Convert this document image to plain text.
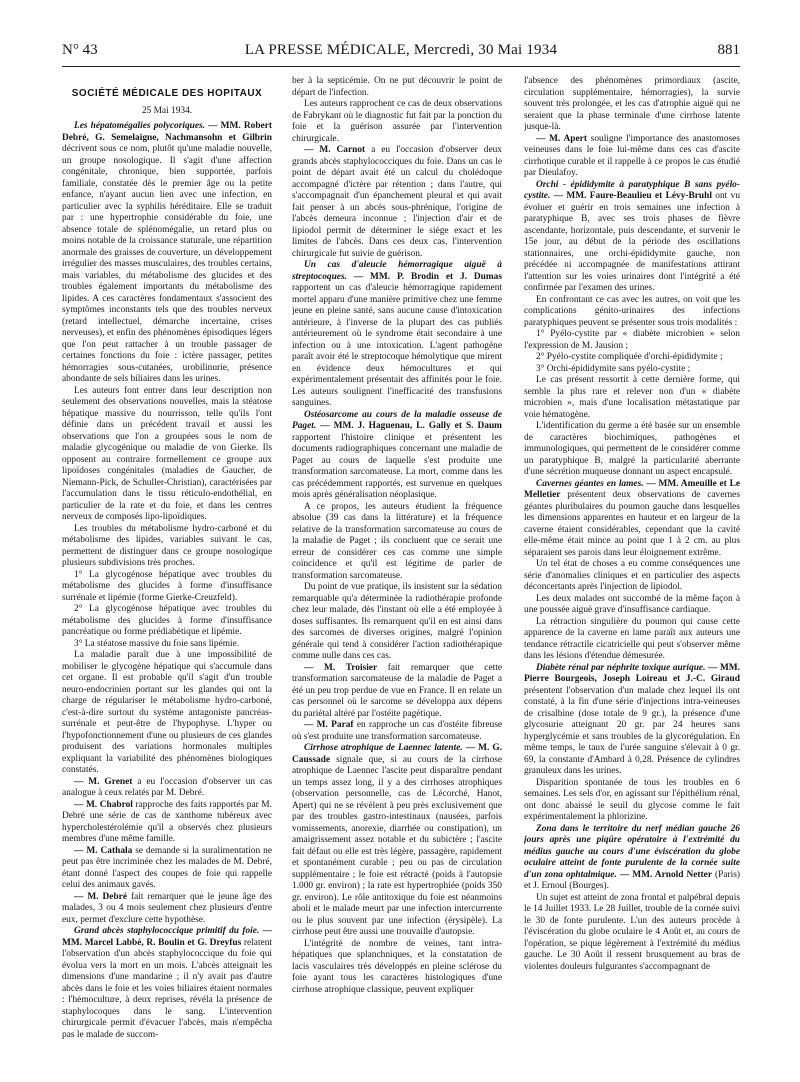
N° 43	LA PRESSE MÉDICALE, Mercredi, 30 Mai 1934	881
SOCIÉTÉ MÉDICALE DES HOPITAUX
25 Mai 1934.

Les hépatomégalies polycoriques. — MM. Robert Debré, G. Semelaigne, Nachmansohn et Gilbrin décrivent sous ce nom, plutôt qu'une maladie nouvelle, un groupe nosologique. Il s'agit d'une affection congénitale, chronique, bien supportée, parfois familiale, constatée dès le premier âge ou la petite enfance, n'ayant aucun lien avec une infection, en particulier avec la syphilis héréditaire. Elle se traduit par : une hypertrophie considérable du foie, une absence totale de splénomégalie, un retard plus ou moins notable de la croissance staturale, une répartition anormale des graisses de couverture, un développement irrégulier des masses musculaires, des troubles certains, mais variables, du métabolisme des glucides et des troubles également importants du métabolisme des lipides. A ces caractères fondamentaux s'associent des symptômes inconstants tels que des troubles nerveux (retard intellectuel, démarche incertaine, crises nerveuses), et enfin des phénomènes épisodiques légers que l'on peut rattacher à un trouble passager de certaines fonctions du foie : ictère passager, petites hémorragies sous-cutanées, urobilinurie, présence abondante de sels biliaires dans les urines.

Les auteurs font entrer dans leur description non seulement des observations nouvelles, mais la stéatose hépatique massive du nourrisson, telle qu'ils l'ont définie dans un précédent travail et aussi les observations que l'on a groupées sous le nom de maladie glycogénique ou maladie de von Gierke. Ils opposent au contraire formellement ce groupe aux lipoïdoses congénitales (maladies de Gaucher, de Niemann-Pick, de Schuller-Christian), caractérisées par l'accumulation dans le tissu réticulo-endothélial, en particulier de la rate et du foie, et dans les centres nerveux de composés lipo-lipoïdiques.

Les troubles du métabolisme hydro-carboné et du métabolisme des lipides, variables suivant le cas, permettent de distinguer dans ce groupe nosologique plusieurs subdivisions très proches.

1° La glycogénose hépatique avec troubles du métabolisme des glucides à forme d'insuffisance surrénale et lipémie (forme Gierke-Creuzfeld).

2° La glycogénose hépatique avec troubles du métabolisme des glucides à forme d'insuffisance pancréatique ou forme prédiabétique et lipémie.

3° La stéatose massive du foie sans lipémie.

La maladie paraît due à une impossibilité de mobiliser le glycogène hépatique qui s'accumule dans cet organe. Il est probable qu'il s'agit d'un trouble neuro-endocrinien portant sur les glandes qui ont la charge de régulariser le métabolisme hydro-carboné, c'est-à-dire surtout du système antagoniste pancréas-surrénale et peut-être de l'hypophyse. L'hyper ou l'hypofonctionnement d'une ou plusieurs de ces glandes produisent des variations hormonales multiples expliquant la variabilité des phénomènes biologiques constatés.

— M. Grenet a eu l'occasion d'observer un cas analogue à ceux relatés par M. Debré.

— M. Chabrol rapproche des faits rapportés par M. Debré une série de cas de xanthome tubéreux avec hypercholestérolémie qu'il a observés chez plusieurs membres d'une même famille.

— M. Cathala se demande si la suralimentation ne peut pas être incriminée chez les malades de M. Debré, étant donné l'aspect des coupes de foie qui rappelle celui des animaux gavés.

— M. Debré fait remarquer que le jeune âge des malades, 3 ou 4 mois seulement chez plusieurs d'entre eux, permet d'exclure cette hypothèse.

Grand abcès staphylococcique primitif du foie. — MM. Marcel Labbé, R. Boulin et G. Dreyfus relatent l'observation d'un abcès staphylococcique du foie qui évolua vers la mort en un mois. L'abcès atteignait les dimensions d'une mandarine ; il n'y avait pas d'autre abcès dans le foie et les voies biliaires étaient normales : l'hémoculture, à deux reprises, révéla la présence de staphylocoques dans le sang. L'intervention chirurgicale permit d'évacuer l'abcès, mais n'empêcha pas le malade de succom-

ber à la septicémie. On ne put découvrir le point de départ de l'infection.

Les auteurs rapprochent ce cas de deux observations de Fabrykant où le diagnostic fut fait par la ponction du foie et la guérison assurée par l'intervention chirurgicale.

— M. Carnot a eu l'occasion d'observer deux grands abcès staphylococciques du foie. Dans un cas le point de départ avait été un calcul du cholédoque accompagné d'ictère par rétention ; dans l'autre, qui s'accompagnait d'un épanchement pleural et qui avait fait penser à un abcès sous-phrénique, l'origine de l'abcès demeura inconnue ; l'injection d'air et de lipiodol permit de déterminer le siège exact et les limites de l'abcès. Dans ces deux cas, l'intervention chirurgicale fut suivie de guérison.

Un cas d'aleucie hémorragique aiguë à streptocoques. — MM. P. Brodin et J. Dumas rapportent un cas d'aleucie hémorragique rapidement mortel apparu d'une manière primitive chez une femme jeune en pleine santé, sans aucune cause d'intoxication antérieure, à l'inverse de la plupart des cas publiés antérieurement où le syndrome était secondaire à une infection ou à une intoxication. L'agent pathogène paraît avoir été le streptocoque hémolytique que mirent en évidence deux hémocultures et qui expérimentalement présentait des affinités pour le foie. Les auteurs soulignent l'inefficacité des transfusions sanguines.

Ostéosarcome au cours de la maladie osseuse de Paget. — MM. J. Haguenau, L. Gally et S. Daum rapportent l'histoire clinique et présentent les documents radiographiques concernant une maladie de Paget au cours de laquelle s'est produite une transformation sarcomateuse. La mort, comme dans les cas précédemment rapportés, est survenue en quelques mois après généralisation néoplasique.

A ce propos, les auteurs étudient la fréquence absolue (39 cas dans la littérature) et la fréquence relative de la transformation sarcomateuse au cours de la maladie de Paget ; ils concluent que ce serait une erreur de considérer ces cas comme une simple coïncidence et qu'il est légitime de parler de transformation sarcomateuse.

Du point de vue pratique, ils insistent sur la sédation remarquable qu'a déterminée la radiothérapie profonde chez leur malade, dès l'instant où elle a été employée à doses suffisantes. Ils remarquent qu'il en est ainsi dans des sarcomes de diverses origines, malgré l'opinion générale qui tend à considérer l'action radiothérapique comme nulle dans ces cas.

— M. Troisier fait remarquer que cette transformation sarcomateuse de la maladie de Paget a été un peu trop perdue de vue en France. Il en relate un cas personnel où le sarcome se développa aux dépens du pariétal altéré par l'ostéite pagétique.

— M. Paraf en rapproche un cas d'ostéite fibreuse où s'est produite une transformation sarcomateuse.

Cirrhose atrophique de Laennec latente. — M. G. Caussade signale que, si au cours de la cirrhose atrophique de Laennec l'ascite peut disparaître pendant un temps assez long, il y a des cirrhoses atrophiques (observation personnelle, cas de Lécorché, Hanot, Apert) qui ne se révèlent à peu près exclusivement que par des troubles gastro-intestinaux (nausées, parfois vomissements, anorexie, diarrhée ou constipation), un amaigrissement assez notable et du subictère ; l'ascite fait défaut ou elle est très légère, passagère, rapidement et spontanément curable ; peu ou pas de circulation supplémentaire ; le foie est rétracté (poids à l'autopsie 1.000 gr. environ) ; la rate est hypertrophiée (poids 350 gr. environ). Le rôle antitoxique du foie est néanmoins aboli et le malade meurt par une infection intercurrente ou le plus souvent par une infection (érysipèle). La cirrhose peut être aussi une trouvaille d'autopsie.

L'intégrité de nombre de veines, tant intra-hépatiques que splanchniques, et la constatation de lacis vasculaires très développés en pleine sclérose du foie ayant tous les caractères histologiques d'une cirrhose atrophique classique, peuvent expliquer

l'absence des phénomènes primordiaux (ascite, circulation supplémentaire, hémorragies), la survie souvent très prolongée, et les cas d'atrophie aiguë qui ne seraient que la phase terminale d'une cirrhose latente jusque-là.

— M. Apert souligne l'importance des anastomoses veineuses dans le foie lui-même dans ces cas d'ascite cirrhotique curable et il rappelle à ce propos le cas étudié par Dieulafoy.

Orchi - épididymite à paratyphique B sans pyélo-cystite. — MM. Faure-Beaulieu et Lévy-Bruhl ont vu évoluer et guérir en trois semaines une infection à paratyphique B, avec ses trois phases de fièvre ascendante, horizontale, puis descendante, et survenir le 15e jour, au début de la période des oscillations stationnaires, une orchi-épididymite gauche, non précédée ni accompagnée de manifestations attirant l'attention sur les voies urinaires dont l'intégrité a été confirmée par l'examen des urines.

En confrontant ce cas avec les autres, on voit que les complications génito-urinaires des infections paratyphiques peuvent se présenter sous trois modalités :

1° Pyélo-cystite par « diabète microbien » selon l'expression de M. Jausion ;

2° Pyélo-cystite compliquée d'orchi-épididymite ;

3° Orchi-épididymite sans pyélo-cystite ;

Le cas présent ressortit à cette dernière forme, qui semble la plus rare et relever non d'un « diabète microbien », mais d'une localisation métastatique par voie hématogène.

L'identification du germe a été basée sur un ensemble de caractères biochimiques, pathogènes et immunologiques, qui permettent de le considérer comme un paratyphique B, malgré la particularité aberrante d'une sécrétion muqueuse donnant un aspect encapsulé.

Cavernes géantes en lames. — MM. Ameuille et Le Melletier présentent deux observations de cavernes géantes pluribulaires du poumon gauche dans lesquelles les dimensions apparentes en hauteur et en largeur de la caverne étaient considérables, cependant que la cavité elle-même était mince au point que 1 à 2 cm. au plus séparaient ses parois dans leur éloignement extrême.

Un tel état de choses a eu comme conséquences une série d'anomalies cliniques et en particulier des aspects déconcertants après l'injection de lipiodol.

Les deux malades ont succombé de la même façon à une poussée aiguë grave d'insuffisance cardiaque.

La rétraction singulière du poumon qui cause cette apparence de la caverne en lame paraît aux auteurs une tendance rétractile cicatricielle qui peut s'observer même dans les lésions d'étendue démesurée.

Diabète rénal par néphrite toxique aurique. — MM. Pierre Bourgeois, Joseph Loireau et J.-C. Giraud présentent l'observation d'un malade chez lequel ils ont constaté, à la fin d'une série d'injections intra-veineuses de crisalbine (dose totale de 9 gr.), la présence d'une glycosurie atteignant 20 gr. par 24 heures sans hyperglycémie et sans troubles de la glycorégulation. En même temps, le taux de l'urée sanguine s'élevait à 0 gr. 69, la constante d'Ambard à 0,28. Présence de cylindres granuleux dans les urines.

Disparition spontanée de tous les troubles en 6 semaines. Les sels d'or, en agissant sur l'épithélium rénal, ont donc abaissé le seuil du glycose comme le fait expérimentalement la phlorizine.

Zona dans le territoire du nerf médian gauche 26 jours après une piqûre opératoire à l'extrémité du médius gauche au cours d'une éviscération du globe oculaire atteint de fonte purulente de la cornée suite d'un zona ophtalmique. — MM. Arnold Netter (Paris) et J. Ernoul (Bourges).

Un sujet est atteint de zona frontal et palpébral depuis le 14 Juillet 1933. Le 28 Juillet, trouble de la cornée suivi le 30 de fonte purulente. L'un des auteurs procède à l'éviscération du globe oculaire le 4 Août et, au cours de l'opération, se pique légèrement à l'extrémité du médius gauche. Le 30 Août il ressent brusquement au bras de violentes douleurs fulgurantes s'accompagnant de
